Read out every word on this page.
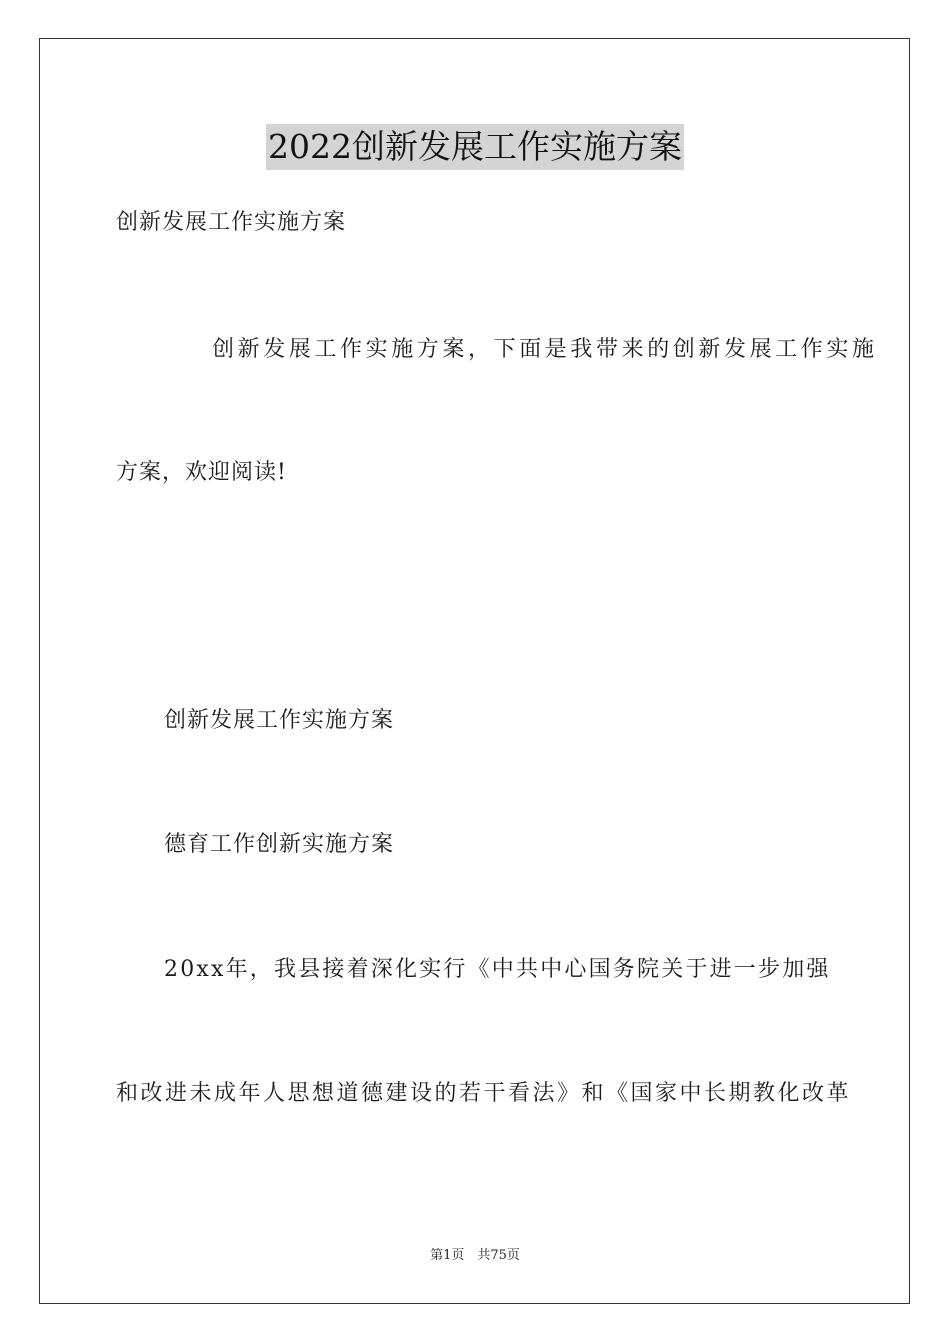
2022创新发展工作实施方案
创新发展工作实施方案
创新发展工作实施方案，下面是我带来的创新发展工作实施
方案，欢迎阅读!
创新发展工作实施方案
德育工作创新实施方案
20xx年，我县接着深化实行《中共中心国务院关于进一步加强
和改进未成年人思想道德建设的若干看法》和《国家中长期教化改革
第1页　共75页
